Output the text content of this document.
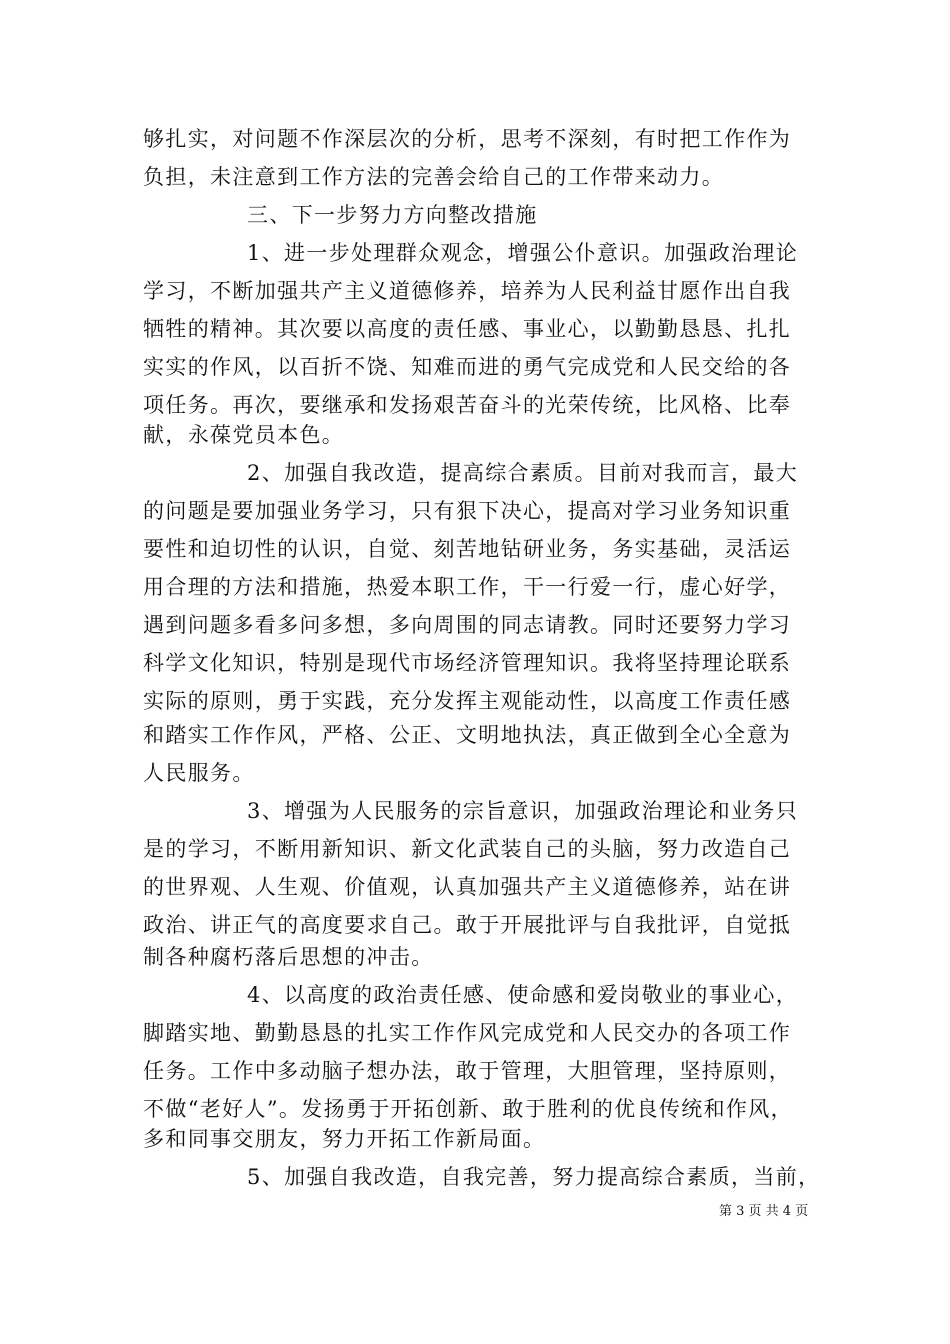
够扎实，对问题不作深层次的分析，思考不深刻，有时把工作作为
负担，未注意到工作方法的完善会给自己的工作带来动力。
三、下一步努力方向整改措施
1、进一步处理群众观念，增强公仆意识。加强政治理论
学习，不断加强共产主义道德修养，培养为人民利益甘愿作出自我
牺牲的精神。其次要以高度的责任感、事业心，以勤勤恳恳、扎扎
实实的作风，以百折不饶、知难而进的勇气完成党和人民交给的各
项任务。再次，要继承和发扬艰苦奋斗的光荣传统，比风格、比奉
献，永葆党员本色。
2、加强自我改造，提高综合素质。目前对我而言，最大
的问题是要加强业务学习，只有狠下决心，提高对学习业务知识重
要性和迫切性的认识，自觉、刻苦地钻研业务，务实基础，灵活运
用合理的方法和措施，热爱本职工作，干一行爱一行，虚心好学，
遇到问题多看多问多想，多向周围的同志请教。同时还要努力学习
科学文化知识，特别是现代市场经济管理知识。我将坚持理论联系
实际的原则，勇于实践，充分发挥主观能动性，以高度工作责任感
和踏实工作作风，严格、公正、文明地执法，真正做到全心全意为
人民服务。
3、增强为人民服务的宗旨意识，加强政治理论和业务只
是的学习，不断用新知识、新文化武装自己的头脑，努力改造自己
的世界观、人生观、价值观，认真加强共产主义道德修养，站在讲
政治、讲正气的高度要求自己。敢于开展批评与自我批评，自觉抵
制各种腐朽落后思想的冲击。
4、以高度的政治责任感、使命感和爱岗敬业的事业心，
脚踏实地、勤勤恳恳的扎实工作作风完成党和人民交办的各项工作
任务。工作中多动脑子想办法，敢于管理，大胆管理，坚持原则，
不做“老好人”。发扬勇于开拓创新、敢于胜利的优良传统和作风，
多和同事交朋友，努力开拓工作新局面。
5、加强自我改造，自我完善，努力提高综合素质，当前，
第 3 页 共 4 页
